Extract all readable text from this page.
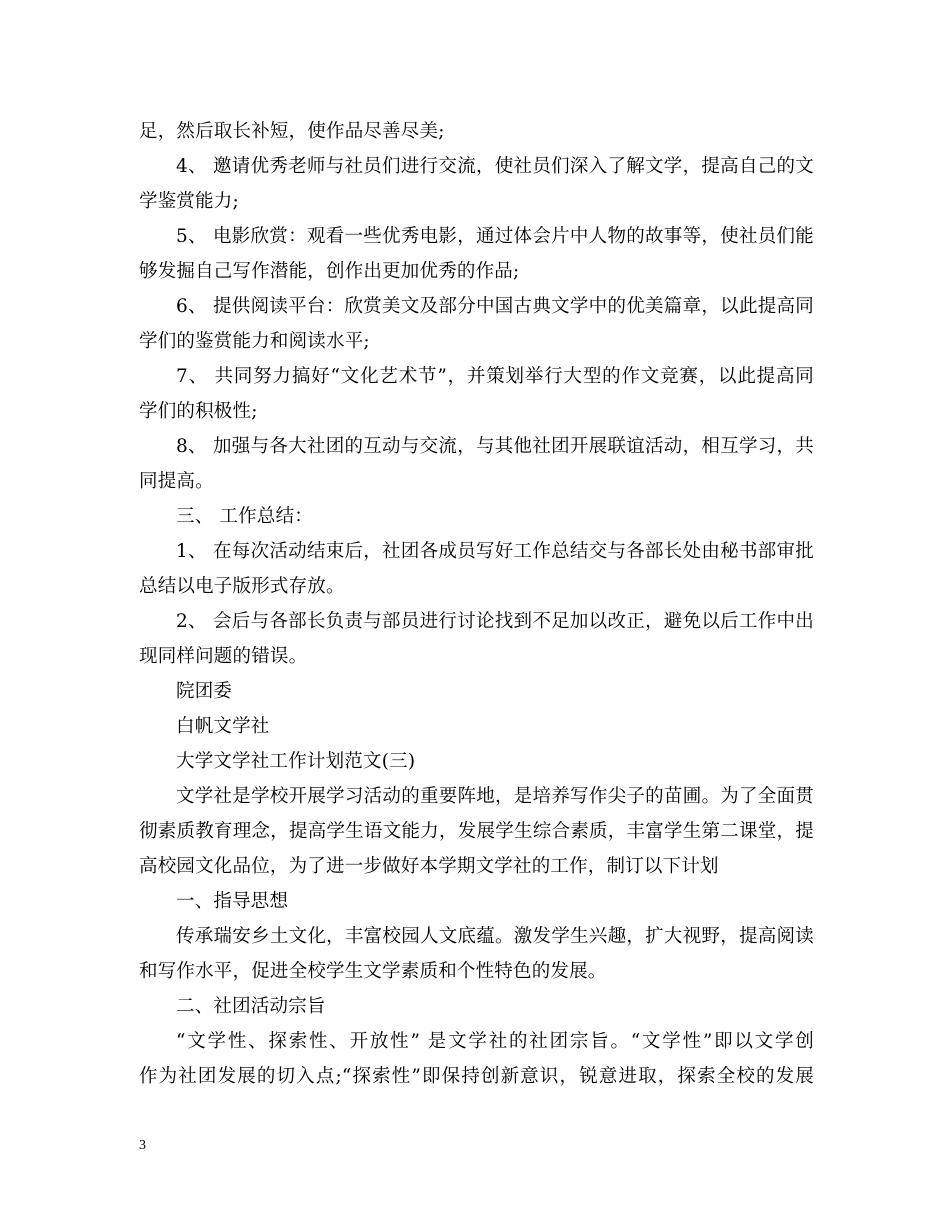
足，然后取长补短，使作品尽善尽美;
4、 邀请优秀老师与社员们进行交流，使社员们深入了解文学，提高自己的文
学鉴赏能力;
5、 电影欣赏：观看一些优秀电影，通过体会片中人物的故事等，使社员们能
够发掘自己写作潜能，创作出更加优秀的作品;
6、 提供阅读平台：欣赏美文及部分中国古典文学中的优美篇章，以此提高同
学们的鉴赏能力和阅读水平;
7、 共同努力搞好“文化艺术节”，并策划举行大型的作文竞赛，以此提高同
学们的积极性;
8、 加强与各大社团的互动与交流，与其他社团开展联谊活动，相互学习，共
同提高。
三、 工作总结：
1、 在每次活动结束后，社团各成员写好工作总结交与各部长处由秘书部审批
总结以电子版形式存放。
2、 会后与各部长负责与部员进行讨论找到不足加以改正，避免以后工作中出
现同样问题的错误。
院团委
白帆文学社
大学文学社工作计划范文(三)
文学社是学校开展学习活动的重要阵地，是培养写作尖子的苗圃。为了全面贯
彻素质教育理念，提高学生语文能力，发展学生综合素质，丰富学生第二课堂，提
高校园文化品位，为了进一步做好本学期文学社的工作，制订以下计划
一、指导思想
传承瑞安乡土文化，丰富校园人文底蕴。激发学生兴趣，扩大视野，提高阅读
和写作水平，促进全校学生文学素质和个性特色的发展。
二、社团活动宗旨
“文学性、探索性、开放性” 是文学社的社团宗旨。“文学性”即以文学创
作为社团发展的切入点;“探索性”即保持创新意识，锐意进取，探索全校的发展
3
